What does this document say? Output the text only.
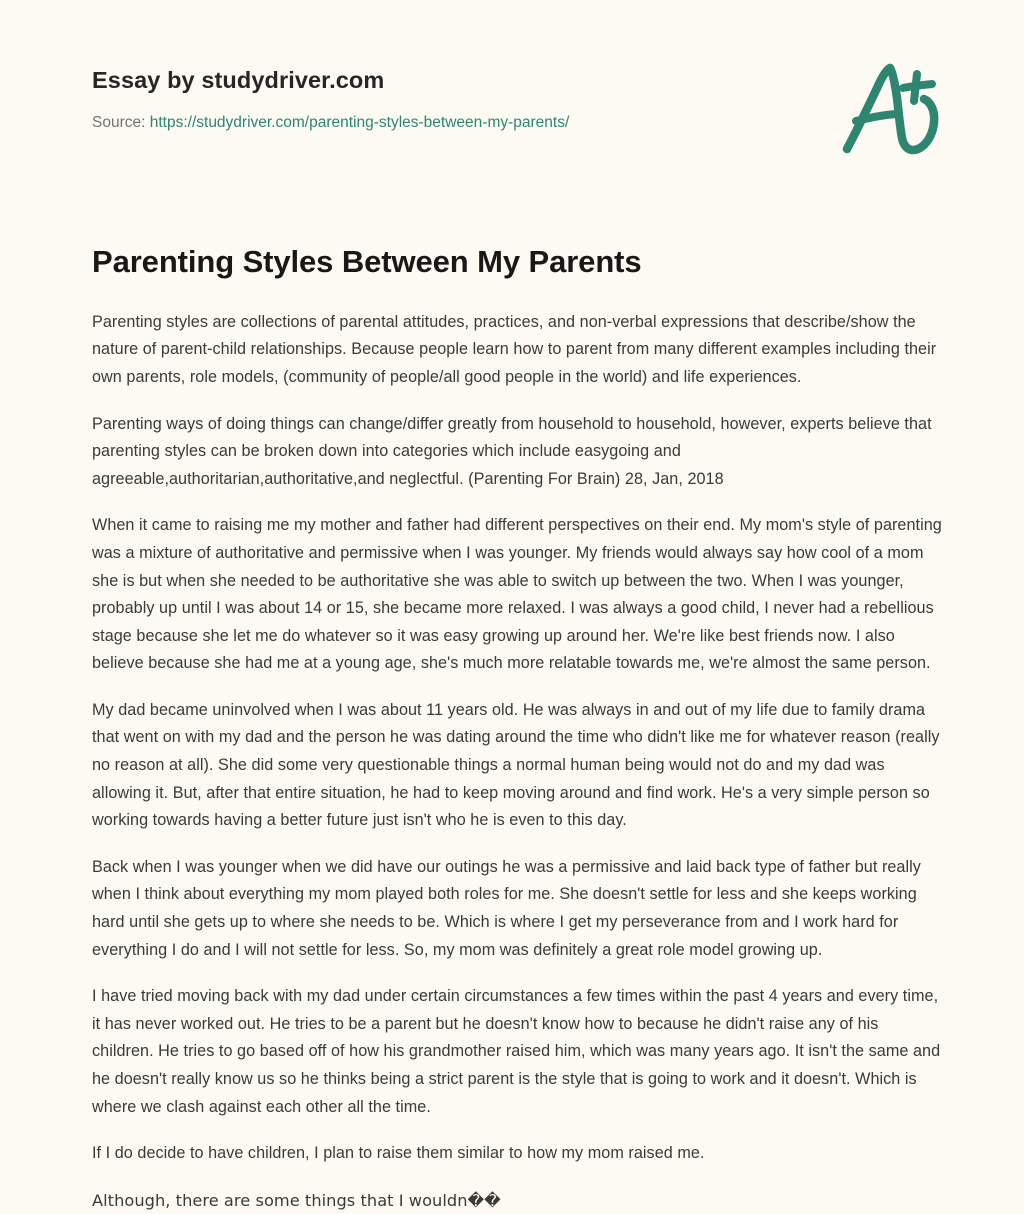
Essay by studydriver.com
Source: https://studydriver.com/parenting-styles-between-my-parents/
Parenting Styles Between My Parents

Parenting styles are collections of parental attitudes, practices, and non-verbal expressions that describe/show the nature of parent-child relationships. Because people learn how to parent from many different examples including their own parents, role models, (community of people/all good people in the world) and life experiences.

Parenting ways of doing things can change/differ greatly from household to household, however, experts believe that parenting styles can be broken down into categories which include easygoing and agreeable,authoritarian,authoritative,and neglectful. (Parenting For Brain) 28, Jan, 2018

When it came to raising me my mother and father had different perspectives on their end. My mom's style of parenting was a mixture of authoritative and permissive when I was younger. My friends would always say how cool of a mom she is but when she needed to be authoritative she was able to switch up between the two. When I was younger, probably up until I was about 14 or 15, she became more relaxed. I was always a good child, I never had a rebellious stage because she let me do whatever so it was easy growing up around her. We're like best friends now. I also believe because she had me at a young age, she's much more relatable towards me, we're almost the same person.

My dad became uninvolved when I was about 11 years old. He was always in and out of my life due to family drama that went on with my dad and the person he was dating around the time who didn't like me for whatever reason (really no reason at all). She did some very questionable things a normal human being would not do and my dad was allowing it. But, after that entire situation, he had to keep moving around and find work. He's a very simple person so working towards having a better future just isn't who he is even to this day.

Back when I was younger when we did have our outings he was a permissive and laid back type of father but really when I think about everything my mom played both roles for me. She doesn't settle for less and she keeps working hard until she gets up to where she needs to be. Which is where I get my perseverance from and I work hard for everything I do and I will not settle for less. So, my mom was definitely a great role model growing up.

I have tried moving back with my dad under certain circumstances a few times within the past 4 years and every time, it has never worked out. He tries to be a parent but he doesn't know how to because he didn't raise any of his children. He tries to go based off of how his grandmother raised him, which was many years ago. It isn't the same and he doesn't really know us so he thinks being a strict parent is the style that is going to work and it doesn't. Which is where we clash against each other all the time.

If I do decide to have children, I plan to raise them similar to how my mom raised me.

Although, there are some things that I wouldn��
